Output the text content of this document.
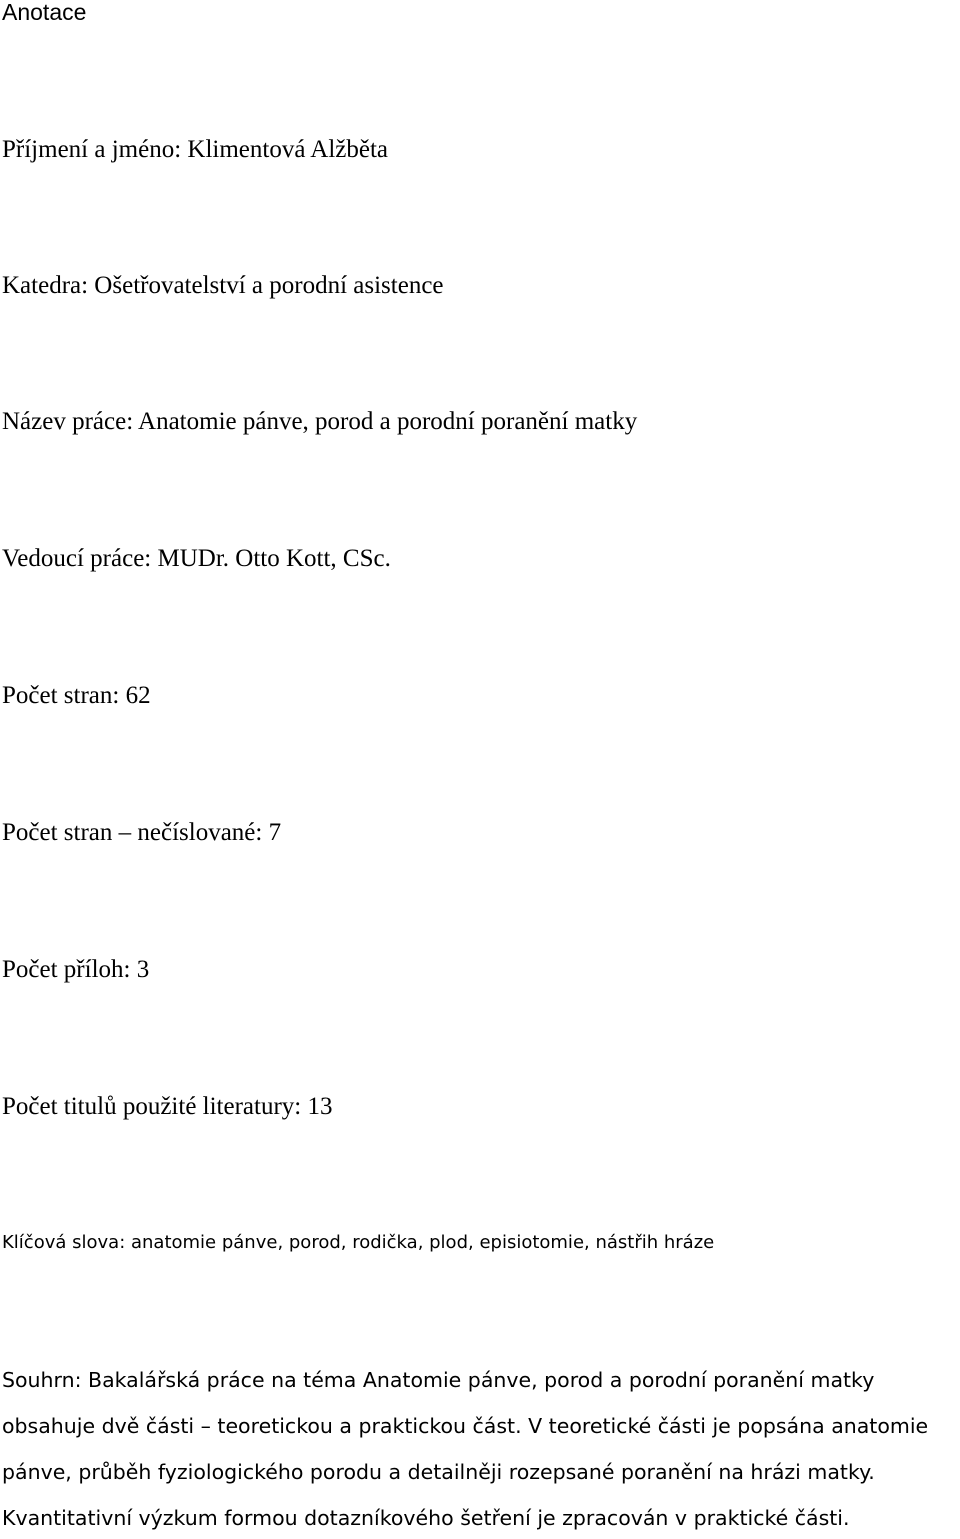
Anotace
Příjmení a jméno: Klimentová Alžběta
Katedra: Ošetřovatelství a porodní asistence
Název práce: Anatomie pánve, porod a porodní poranění matky
Vedoucí práce: MUDr. Otto Kott, CSc.
Počet stran: 62
Počet stran – nečíslované: 7
Počet příloh: 3
Počet titulů použité literatury: 13
Klíčová slova: anatomie pánve, porod, rodička, plod, episiotomie, nástřih hráze
Souhrn: Bakalářská práce na téma Anatomie pánve, porod a porodní poranění matky
obsahuje dvě části – teoretickou a praktickou část. V teoretické části je popsána anatomie
pánve, průběh fyziologického porodu a detailněji rozepsané poranění na hrázi matky.
Kvantitativní výzkum formou dotazníkového šetření je zpracován v praktické části.
